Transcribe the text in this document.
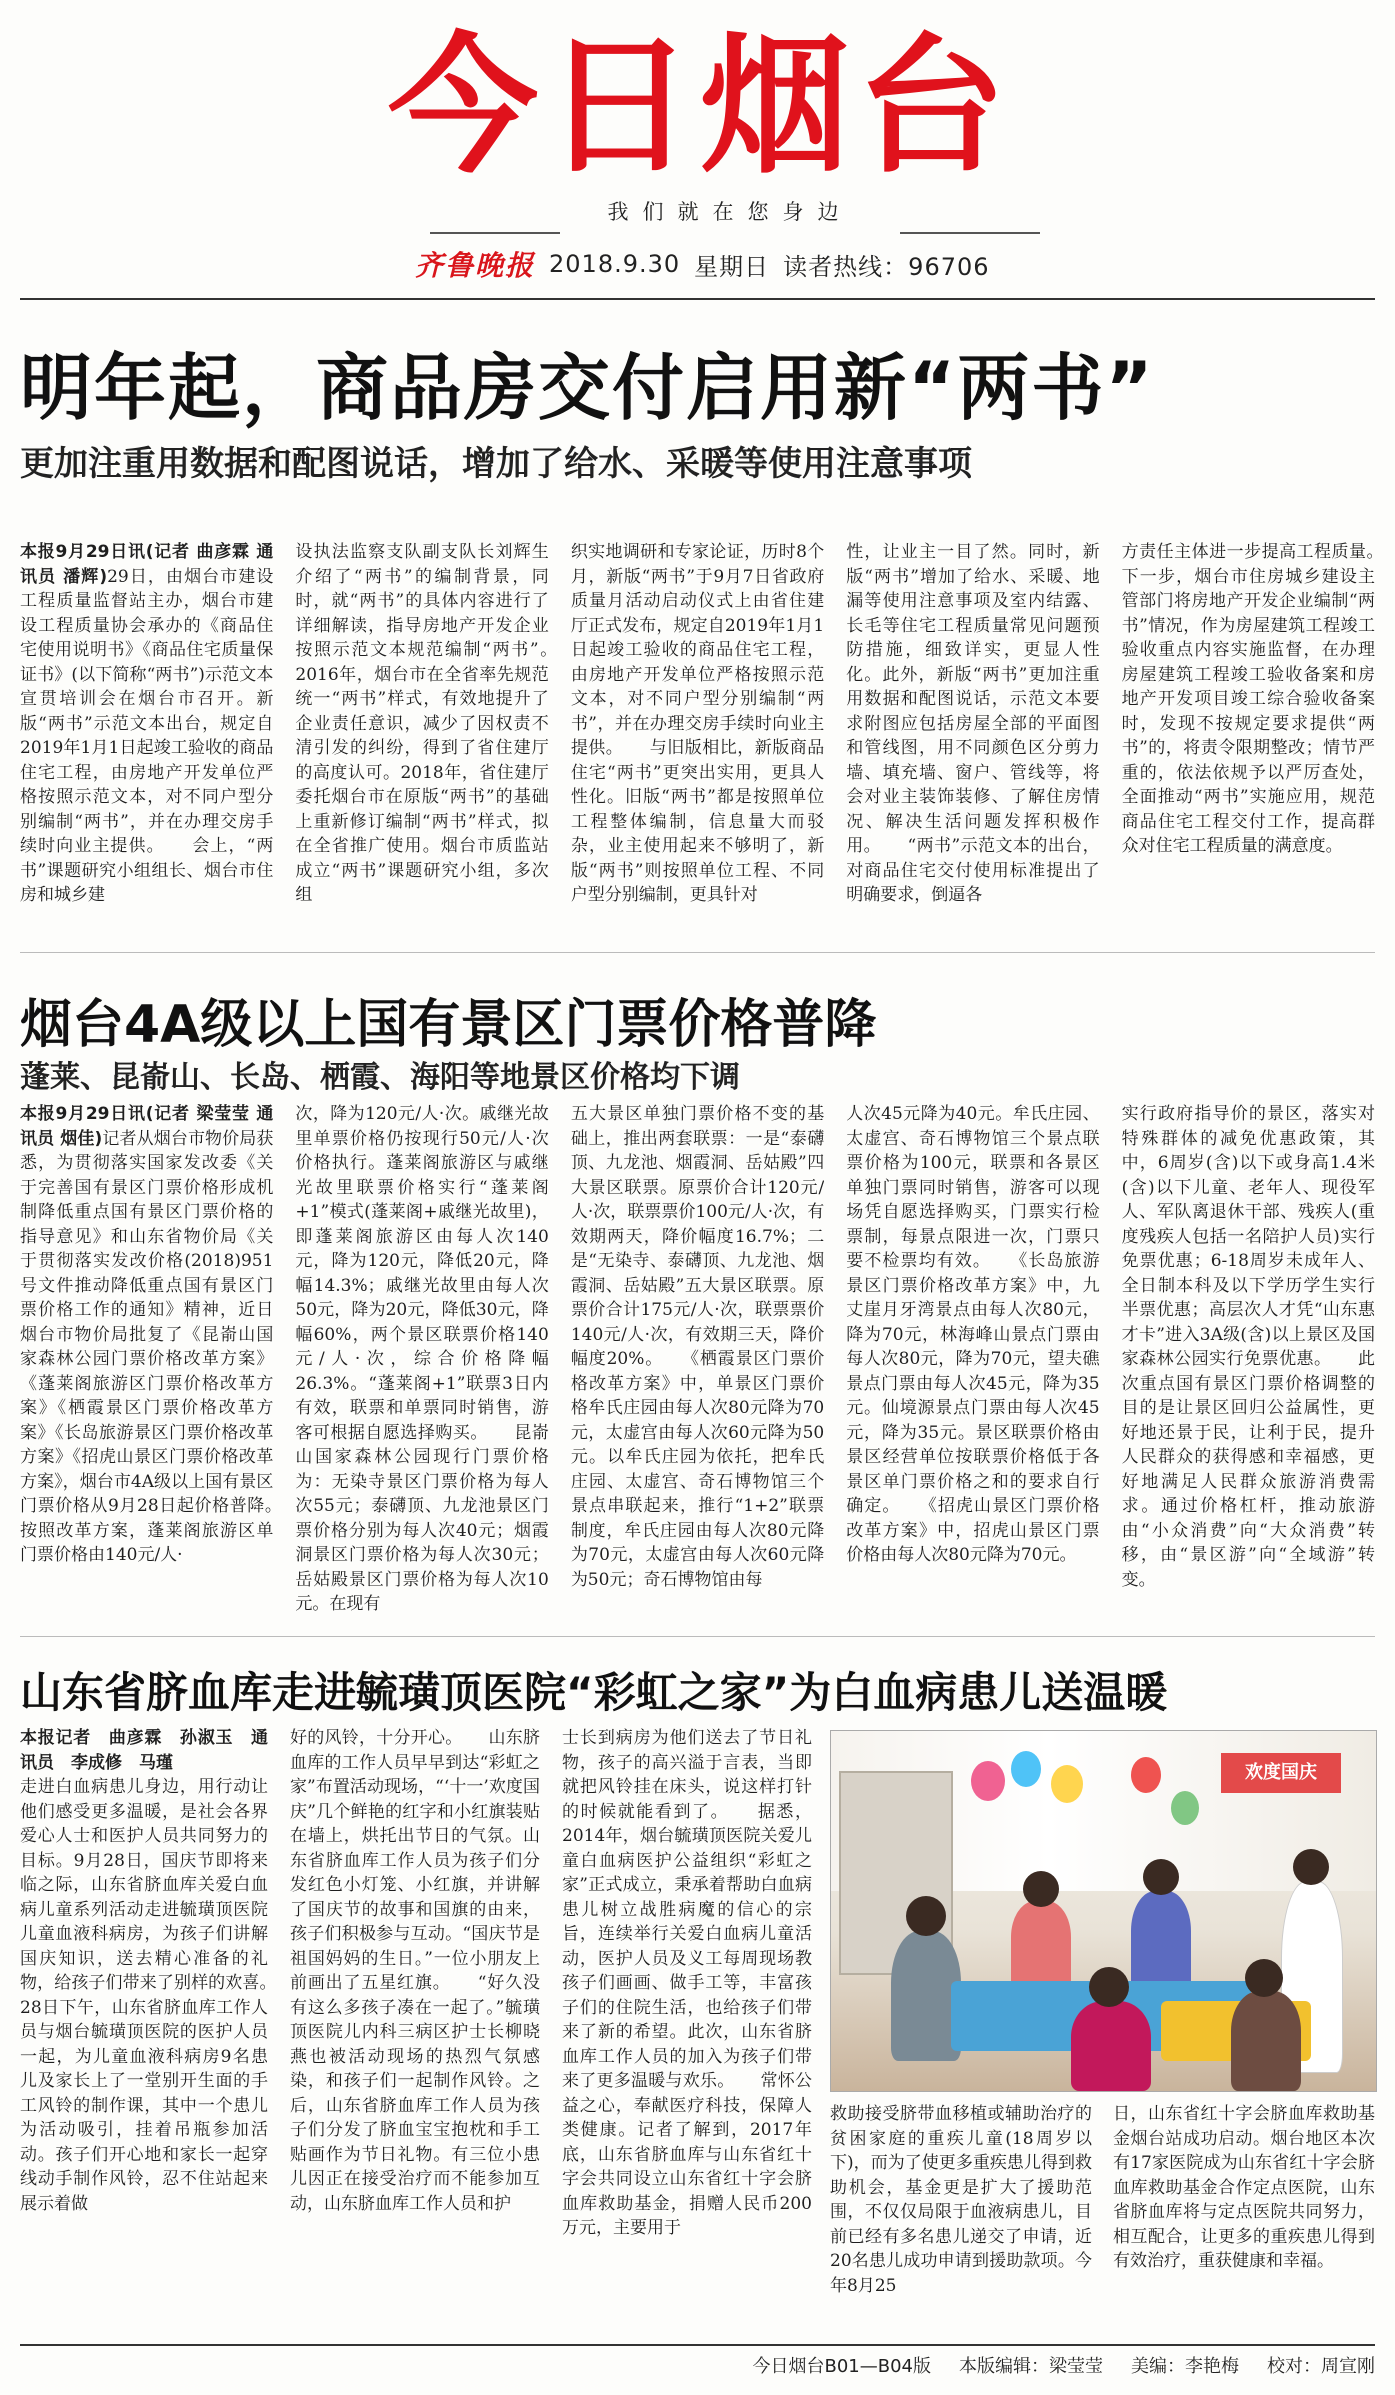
今日烟台
我们就在您身边
齐鲁晚报 2018.9.30 星期日 读者热线：96706
明年起，商品房交付启用新“两书”
更加注重用数据和配图说话，增加了给水、采暖等使用注意事项

本报9月29日讯(记者 曲彦霖 通讯员 潘辉)29日，由烟台市建设工程质量监督站主办，烟台市建设工程质量协会承办的《商品住宅使用说明书》《商品住宅质量保证书》(以下简称“两书”)示范文本宣贯培训会在烟台市召开。新版“两书”示范文本出台，规定自2019年1月1日起竣工验收的商品住宅工程，由房地产开发单位严格按照示范文本，对不同户型分别编制“两书”，并在办理交房手续时向业主提供。　　会上，“两书”课题研究小组组长、烟台市住房和城乡建

设执法监察支队副支队长刘辉生介绍了“两书”的编制背景，同时，就“两书”的具体内容进行了详细解读，指导房地产开发企业按照示范文本规范编制“两书”。　　2016年，烟台市在全省率先规范统一“两书”样式，有效地提升了企业责任意识，减少了因权责不清引发的纠纷，得到了省住建厅的高度认可。2018年，省住建厅委托烟台市在原版“两书”的基础上重新修订编制“两书”样式，拟在全省推广使用。烟台市质监站成立“两书”课题研究小组，多次组

织实地调研和专家论证，历时8个月，新版“两书”于9月7日省政府质量月活动启动仪式上由省住建厅正式发布，规定自2019年1月1日起竣工验收的商品住宅工程，由房地产开发单位严格按照示范文本，对不同户型分别编制“两书”，并在办理交房手续时向业主提供。　　与旧版相比，新版商品住宅“两书”更突出实用，更具人性化。旧版“两书”都是按照单位工程整体编制，信息量大而驳杂，业主使用起来不够明了，新版“两书”则按照单位工程、不同户型分别编制，更具针对

性，让业主一目了然。同时，新版“两书”增加了给水、采暖、地漏等使用注意事项及室内结露、长毛等住宅工程质量常见问题预防措施，细致详实，更显人性化。此外，新版“两书”更加注重用数据和配图说话，示范文本要求附图应包括房屋全部的平面图和管线图，用不同颜色区分剪力墙、填充墙、窗户、管线等，将会对业主装饰装修、了解住房情况、解决生活问题发挥积极作用。　　“两书”示范文本的出台，对商品住宅交付使用标准提出了明确要求，倒逼各

方责任主体进一步提高工程质量。　　下一步，烟台市住房城乡建设主管部门将房地产开发企业编制“两书”情况，作为房屋建筑工程竣工验收重点内容实施监督，在办理房屋建筑工程竣工验收备案和房地产开发项目竣工综合验收备案时，发现不按规定要求提供“两书”的，将责令限期整改；情节严重的，依法依规予以严厉查处，全面推动“两书”实施应用，规范商品住宅工程交付工作，提高群众对住宅工程质量的满意度。

烟台4A级以上国有景区门票价格普降
蓬莱、昆嵛山、长岛、栖霞、海阳等地景区价格均下调

本报9月29日讯(记者 梁莹莹 通讯员 烟佳)记者从烟台市物价局获悉，为贯彻落实国家发改委《关于完善国有景区门票价格形成机制降低重点国有景区门票价格的指导意见》和山东省物价局《关于贯彻落实发改价格(2018)951号文件推动降低重点国有景区门票价格工作的通知》精神，近日烟台市物价局批复了《昆嵛山国家森林公园门票价格改革方案》《蓬莱阁旅游区门票价格改革方案》《栖霞景区门票价格改革方案》《长岛旅游景区门票价格改革方案》《招虎山景区门票价格改革方案》，烟台市4A级以上国有景区门票价格从9月28日起价格普降。　　按照改革方案，蓬莱阁旅游区单门票价格由140元/人·

次，降为120元/人·次。戚继光故里单票价格仍按现行50元/人·次价格执行。蓬莱阁旅游区与戚继光故里联票价格实行“蓬莱阁+1”模式(蓬莱阁+戚继光故里)，即蓬莱阁旅游区由每人次140元，降为120元，降低20元，降幅14.3%；戚继光故里由每人次50元，降为20元，降低30元，降幅60%，两个景区联票价格140元/人·次，综合价格降幅26.3%。“蓬莱阁+1”联票3日内有效，联票和单票同时销售，游客可根据自愿选择购买。　　昆嵛山国家森林公园现行门票价格为：无染寺景区门票价格为每人次55元；泰礴顶、九龙池景区门票价格分别为每人次40元；烟霞洞景区门票价格为每人次30元；岳姑殿景区门票价格为每人次10元。在现有

五大景区单独门票价格不变的基础上，推出两套联票：一是“泰礴顶、九龙池、烟霞洞、岳姑殿”四大景区联票。原票价合计120元/人·次，联票票价100元/人·次，有效期两天，降价幅度16.7%；二是“无染寺、泰礴顶、九龙池、烟霞洞、岳姑殿”五大景区联票。原票价合计175元/人·次，联票票价140元/人·次，有效期三天，降价幅度20%。　　《栖霞景区门票价格改革方案》中，单景区门票价格牟氏庄园由每人次80元降为70元，太虚宫由每人次60元降为50元。以牟氏庄园为依托，把牟氏庄园、太虚宫、奇石博物馆三个景点串联起来，推行“1+2”联票制度，牟氏庄园由每人次80元降为70元，太虚宫由每人次60元降为50元；奇石博物馆由每

人次45元降为40元。牟氏庄园、太虚宫、奇石博物馆三个景点联票价格为100元，联票和各景区单独门票同时销售，游客可以现场凭自愿选择购买，门票实行检票制，每景点限进一次，门票只要不检票均有效。　　《长岛旅游景区门票价格改革方案》中，九丈崖月牙湾景点由每人次80元，降为70元，林海峰山景点门票由每人次80元，降为70元，望夫礁景点门票由每人次45元，降为35元。仙境源景点门票由每人次45元，降为35元。景区联票价格由景区经营单位按联票价格低于各景区单门票价格之和的要求自行确定。　　《招虎山景区门票价格改革方案》中，招虎山景区门票价格由每人次80元降为70元。

实行政府指导价的景区，落实对特殊群体的减免优惠政策，其中，6周岁(含)以下或身高1.4米(含)以下儿童、老年人、现役军人、军队离退休干部、残疾人(重度残疾人包括一名陪护人员)实行免票优惠；6-18周岁未成年人、全日制本科及以下学历学生实行半票优惠；高层次人才凭“山东惠才卡”进入3A级(含)以上景区及国家森林公园实行免票优惠。　　此次重点国有景区门票价格调整的目的是让景区回归公益属性，更好地还景于民，让利于民，提升人民群众的获得感和幸福感，更好地满足人民群众旅游消费需求。通过价格杠杆，推动旅游由“小众消费”向“大众消费”转移，由“景区游”向“全域游”转变。

山东省脐血库走进毓璜顶医院“彩虹之家”为白血病患儿送温暖

本报记者　曲彦霖　孙淑玉　通讯员　李成修　马瑾

走进白血病患儿身边，用行动让他们感受更多温暖，是社会各界爱心人士和医护人员共同努力的目标。9月28日，国庆节即将来临之际，山东省脐血库关爱白血病儿童系列活动走进毓璜顶医院儿童血液科病房，为孩子们讲解国庆知识，送去精心准备的礼物，给孩子们带来了别样的欢喜。　　28日下午，山东省脐血库工作人员与烟台毓璜顶医院的医护人员一起，为儿童血液科病房9名患儿及家长上了一堂别开生面的手工风铃的制作课，其中一个患儿为活动吸引，挂着吊瓶参加活动。孩子们开心地和家长一起穿线动手制作风铃，忍不住站起来展示着做

好的风铃，十分开心。　　山东脐血库的工作人员早早到达“彩虹之家”布置活动现场，“‘十一’欢度国庆”几个鲜艳的红字和小红旗装贴在墙上，烘托出节日的气氛。山东省脐血库工作人员为孩子们分发红色小灯笼、小红旗，并讲解了国庆节的故事和国旗的由来，孩子们积极参与互动。“国庆节是祖国妈妈的生日。”一位小朋友上前画出了五星红旗。　　“好久没有这么多孩子凑在一起了。”毓璜顶医院儿内科三病区护士长柳晓燕也被活动现场的热烈气氛感染，和孩子们一起制作风铃。之后，山东省脐血库工作人员为孩子们分发了脐血宝宝抱枕和手工贴画作为节日礼物。有三位小患儿因正在接受治疗而不能参加互动，山东脐血库工作人员和护

士长到病房为他们送去了节日礼物，孩子的高兴溢于言表，当即就把风铃挂在床头，说这样打针的时候就能看到了。　　据悉，2014年，烟台毓璜顶医院关爱儿童白血病医护公益组织“彩虹之家”正式成立，秉承着帮助白血病患儿树立战胜病魔的信心的宗旨，连续举行关爱白血病儿童活动，医护人员及义工每周现场教孩子们画画、做手工等，丰富孩子们的住院生活，也给孩子们带来了新的希望。此次，山东省脐血库工作人员的加入为孩子们带来了更多温暖与欢乐。　　常怀公益之心，奉献医疗科技，保障人类健康。记者了解到，2017年底，山东省脐血库与山东省红十字会共同设立山东省红十字会脐血库救助基金，捐赠人民币200万元，主要用于

欢度国庆

救助接受脐带血移植或辅助治疗的贫困家庭的重疾儿童(18周岁以下)，而为了使更多重疾患儿得到救助机会，基金更是扩大了援助范围，不仅仅局限于血液病患儿，目前已经有多名患儿递交了申请，近20名患儿成功申请到援助款项。今年8月25

日，山东省红十字会脐血库救助基金烟台站成功启动。烟台地区本次有17家医院成为山东省红十字会脐血库救助基金合作定点医院，山东省脐血库将与定点医院共同努力，相互配合，让更多的重疾患儿得到有效治疗，重获健康和幸福。

今日烟台B01—B04版 本版编辑：梁莹莹 美编：李艳梅 校对：周宣刚
